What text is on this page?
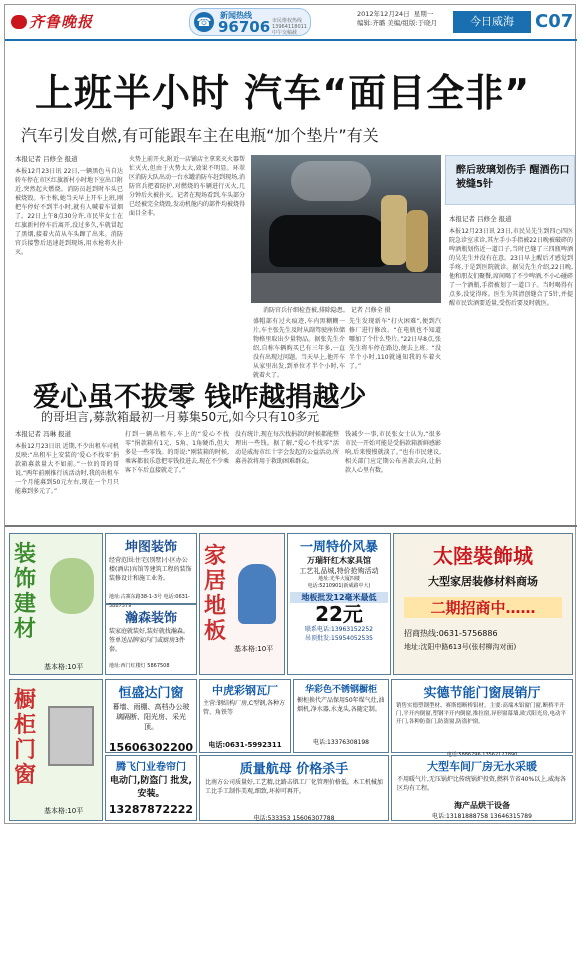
齐鲁晚报	☎	新闻热线
96706 市民维权热线 13964118011 中午交稿截
2012年12月24日 星期一
编辑:齐璐 美编/组版:于晓月	今日威海	C07
上班半小时 汽车“面目全非”
汽车引发自燃,有可能跟车主在电瓶“加个垫片”有关
本报记者 吕修全 报道
本报12月23日讯 22日,一辆黑色马自达轿车停在市区红旗新村小时地下室出口附近,突然起火燃烧。消防员赶到时车头已被烧毁。车主称,她当天早上开车上班,刚把车停好不到半小时,就有人喊着车冒烟了。22日上午8点30分许,市民毕女士在红旗新村停车后离开,没过多久,车就冒起了黑烟,接着火苗从车头蹿了出来。消防官兵接警后迅速赶到现场,用水枪将火扑灭。
火势上前开火,附近一店铺店主拿来灭火器帮忙灭火,但由于火势太大,效果不明显。环翠区消防大队出动一台水罐消防车赶到现场,消防官兵把着防护,对燃烧的车辆进行灭火,几分钟后火被扑灭。记者在现场看到,车头部分已经被完全烧毁,发动机舱内的部件均被烧得面目全非。
消防官兵仔细检查被,排除隐患。 记者 吕修全 摄
盛帽部有过火痕迹,车内黑糊糊一片,车主张先生及时从副驾驶座位储物格里取出少量物品。据张先生介绍,自称车辆购买已有三年多,一直没有出现过问题。当天早上,他开车从家里出发,到单位才半个小时,车就着火了。
先生发现新车“打火困难”,便到汽修厂进行修改。“在电瓶也不知道哪加了个什么垫片。”22日早8点,张先生将车停在路边,便去上班。“没半个小时,110就通知我的车着火了。”
醉后玻璃划伤手 醒酒伤口被缝5针
本报记者 吕修全 报道
本报12月23日讯 23日,市民吴先生到四○四医院急诊室求诊,其左手小手指被22日晚被破碎的啤酒瓶划伤近一道口子,当时已缝了三四瓶啤酒的吴先生并没有在意。23日早上醒后才感觉到手疼,于是到医院就诊。据吴先生介绍,22日晚,他和朋友们聚餐,席间喝了不少啤酒,不小心碰碎了一个酒瓶,手指被划了一道口子。当时喝得有点多,没觉得疼。医生为其清创缝合了5针,并提醒市民饮酒要适量,受伤后要及时就医。
爱心虽不拔零 钱咋越捐越少
的哥坦言,募款箱最初一月募集50元,如今只有10多元
本报记者 冯琳 报道
本报12月23日讯 近期,不少出租车司机反映:“出租车上安装的‘爱心不找零’捐款箱募款量大不如前。”一位的哥的哥说,“两年前刚推行该活动时,我的出租车一个月能募到50元左右,现在一个月只能募到多元了。”
打到一辆出租车,车上的“爱心不找零”捐款箱有1元、5角、1角硬币,但大多是一些零钱。的哥说:“刚装箱的时候,乘客都很乐意把零钱投进去,现在不少乘客下车后直接就走了。”
没有统计,现在每次找捐款的时候都能整理出一些钱。据了解,“爱心不找零”活动是威海市红十字会发起的公益活动,所募善款将用于救助困难群众。
钱减少一事,市民张女士认为,“很多市民一开始可能是受捐款箱新鲜感影响,后来慢慢就淡了。”也有市民建议,相关部门应定期公布善款去向,让捐款人心里有数。
装饰建材
基本格:10平
坤图装饰
经营范围:住宅(别墅)小区办公楼(酒店)宾馆等建筑工程的装饰装修设计和施工业务。
地址:古寨东路38-1-3号 电话:0631-5887579
瀚森装饰
装家庭就装好,装好就找瀚森。签单送品牌家内门或厨房3件套。
地址:西门红楼灯 5867508
家居地板
基本格:10平
一周特价风暴
万瑞轩红木家具馆
工艺礼品城,特价抢购活动
地址:光华大厦四楼
电话:5210901(新威路中大)
地板批发12毫米最低
22元
联系电话:13963152252
吊顶批发:15954052535
太陸裝飾城
大型家居装修材料商场
二期招商中……
招商热线:0631-5756886
地址:沈阳中路613号(张村柳沟对面)
橱柜门窗
基本格:10平
恒盛达门窗
幕墙、雨棚、高档办公玻璃隔断、阳光房、采光顶。
15606302200
中虎彩钢瓦厂
主营:钢结构厂房,C型钢,各种方管、角铁等
电话:0631-5992311
华彩色不锈钢橱柜
橱柜换代产品保用50年煤气灶,油烟机,净水器,水龙头,各随定制。
电话:13376308198
实德节能门窗展销厅
销售实德塑钢型材、赛斯德断桥铝材。主要:高端木铝窗门窗,断桥平开门,平开内倒窗,塑钢平开内倒窗,推拉窗,异形窗幕墙,欧式阳光房,电动平开门,各种防盗门,防盗窗,防盗护窗。
电话:5886796 13562127890
腾飞门业卷帘门
电动门,防盗门 批发,安装。
13287872222
质量航母 价格杀手
比南方公司质量好,工艺精,比路击肌工厂化管理价格低。木工机械加工比手工制作美观,细致,坏掉可再开。
电话:533353 15606307788
大型车间厂房无水采暖
不用暖气片,无压锅炉比传统锅炉投资,燃料节省40%以上,威海各区均有工程。
海产品烘干设备
电话:13181888758 13646315789
